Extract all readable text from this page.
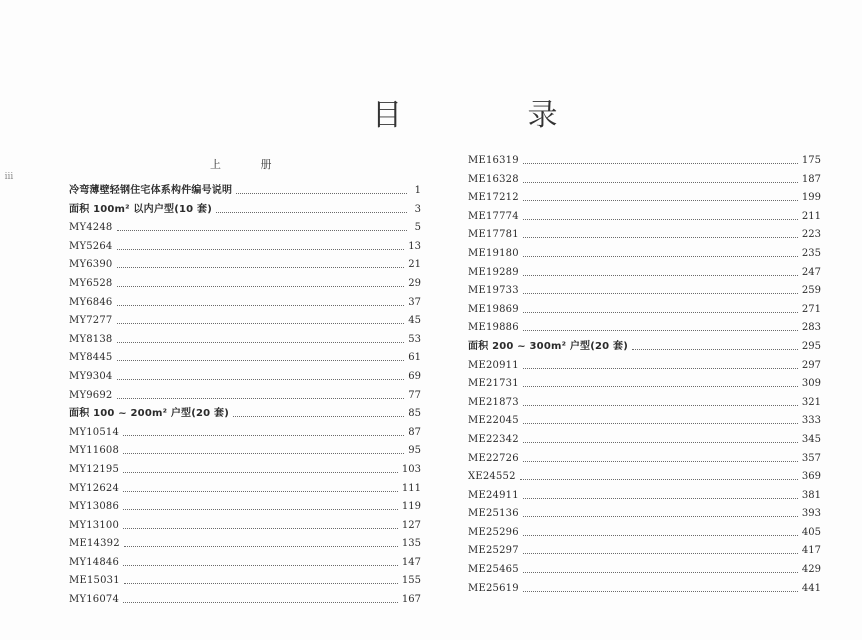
目 录
上 册
ⅲ
冷弯薄壁轻钢住宅体系构件编号说明	1
面积 100m² 以内户型(10 套)	3
MY4248	5
MY5264	13
MY6390	21
MY6528	29
MY6846	37
MY7277	45
MY8138	53
MY8445	61
MY9304	69
MY9692	77
面积 100 ~ 200m² 户型(20 套)	85
MY10514	87
MY11608	95
MY12195	103
MY12624	111
MY13086	119
MY13100	127
ME14392	135
MY14846	147
ME15031	155
MY16074	167
ME16319	175
ME16328	187
ME17212	199
ME17774	211
ME17781	223
ME19180	235
ME19289	247
ME19733	259
ME19869	271
ME19886	283
面积 200 ~ 300m² 户型(20 套)	295
ME20911	297
ME21731	309
ME21873	321
ME22045	333
ME22342	345
ME22726	357
XE24552	369
ME24911	381
ME25136	393
ME25296	405
ME25297	417
ME25465	429
ME25619	441
